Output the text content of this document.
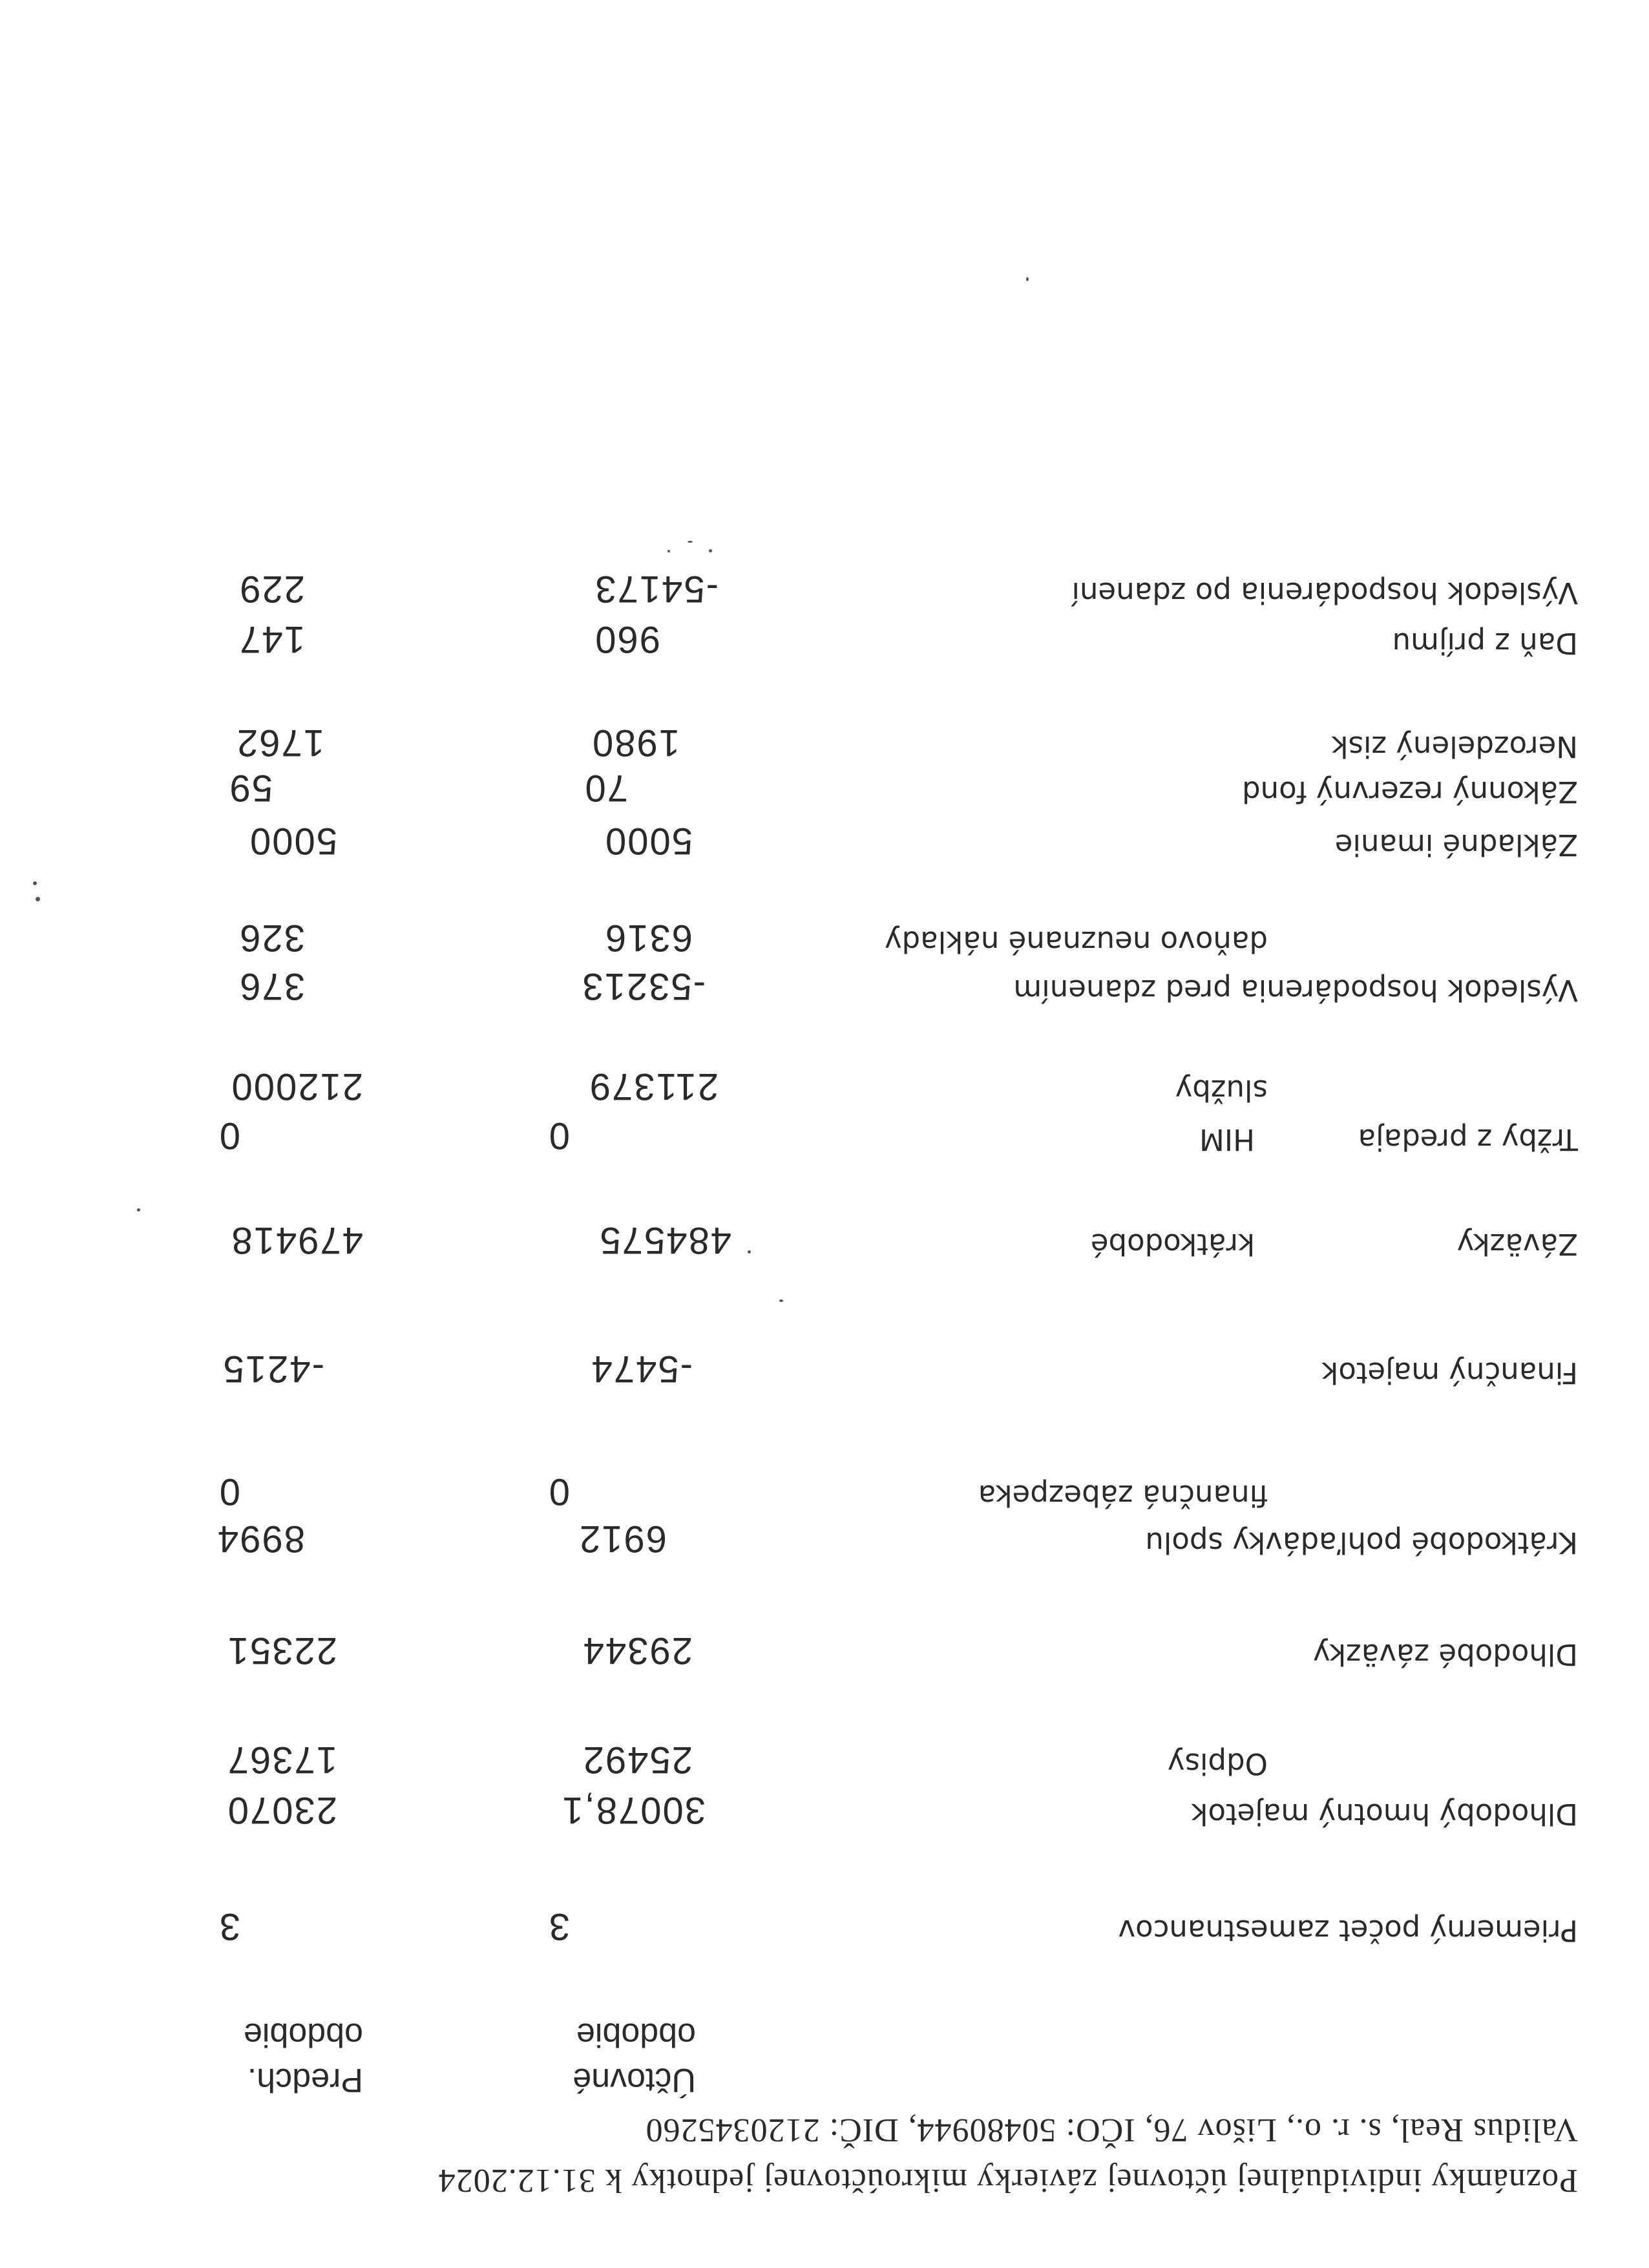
Poznámky individuálnej účtovnej závierky mikroúčtovnej jednotky k 31.12.2024
Validus Real, s. r. o., Lišov 76, IČO: 50480944, DIČ: 2120345260
Účtovné
obdobie
Predch.
obdobie
Priemerný počet zamestnancov
3
3
Dlhodobý hmotný majetok
30078,1
23070
Odpisy
25492
17367
Dlhodobé záväzky
29344
22351
Krátkodobé pohľadávky spolu
6912
8994
finančná zábezpeka
0
0
Finančný majetok
-5474
-4215
Záväzky
krátkodobé
484575
479418
Tržby z predaja
HIM
0
0
služby
211379
212000
Výsledok hospodárenia pred zdanením
-53213
376
daňovo neuznané náklady
6316
326
Základné imanie
5000
5000
Zákonný rezervný fond
70
59
Nerozdelený zisk
1980
1762
Daň z príjmu
960
147
Výsledok hospodárenia po zdanení
-54173
229
